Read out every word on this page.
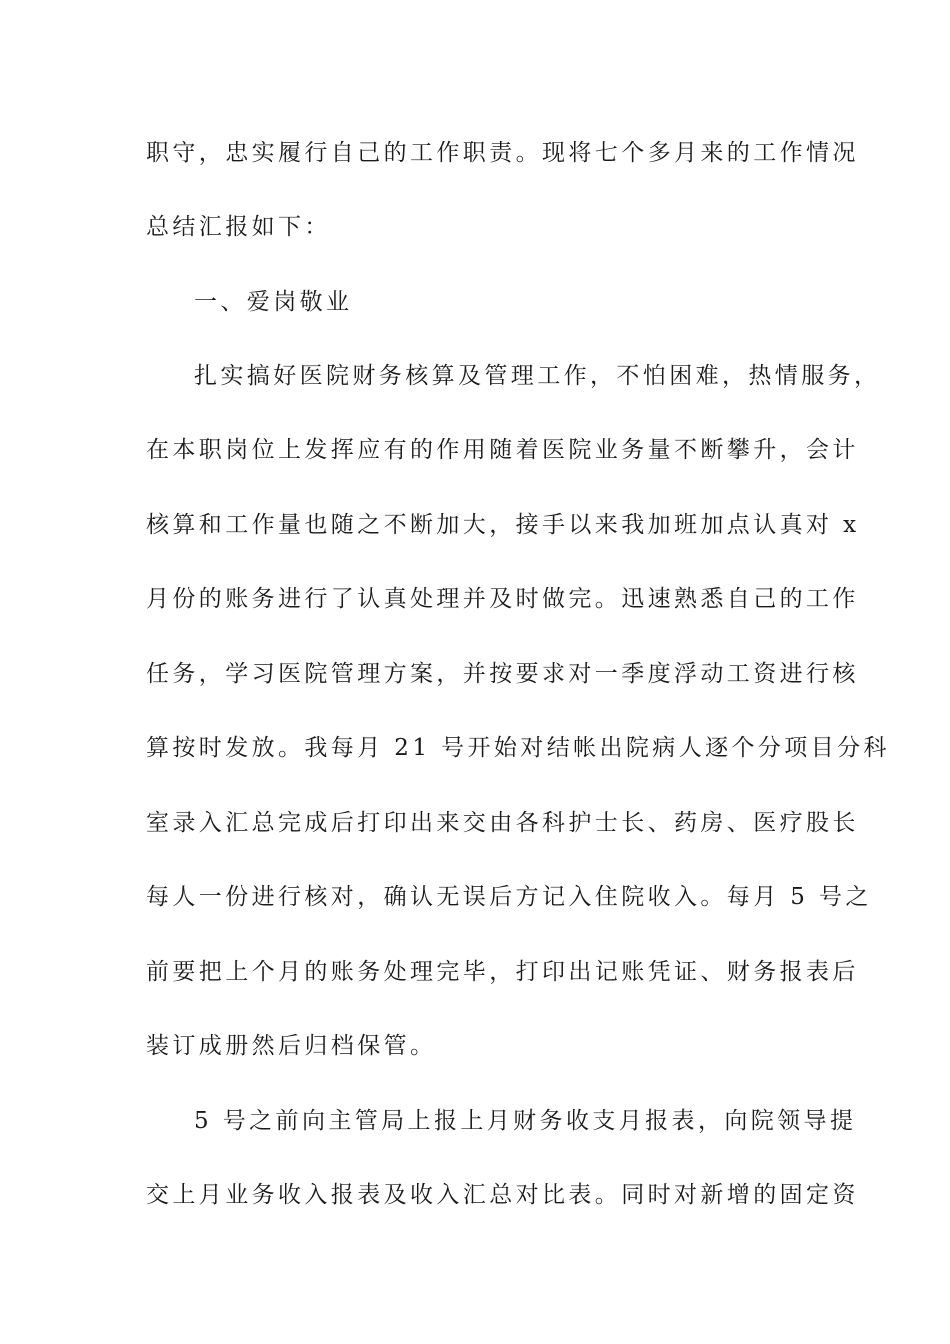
职守，忠实履行自己的工作职责。现将七个多月来的工作情况
总结汇报如下：
一、爱岗敬业
扎实搞好医院财务核算及管理工作，不怕困难，热情服务，
在本职岗位上发挥应有的作用随着医院业务量不断攀升，会计
核算和工作量也随之不断加大，接手以来我加班加点认真对 x
月份的账务进行了认真处理并及时做完。迅速熟悉自己的工作
任务，学习医院管理方案，并按要求对一季度浮动工资进行核
算按时发放。我每月 21 号开始对结帐出院病人逐个分项目分科
室录入汇总完成后打印出来交由各科护士长、药房、医疗股长
每人一份进行核对，确认无误后方记入住院收入。每月 5 号之
前要把上个月的账务处理完毕，打印出记账凭证、财务报表后
装订成册然后归档保管。
5 号之前向主管局上报上月财务收支月报表，向院领导提
交上月业务收入报表及收入汇总对比表。同时对新增的固定资
